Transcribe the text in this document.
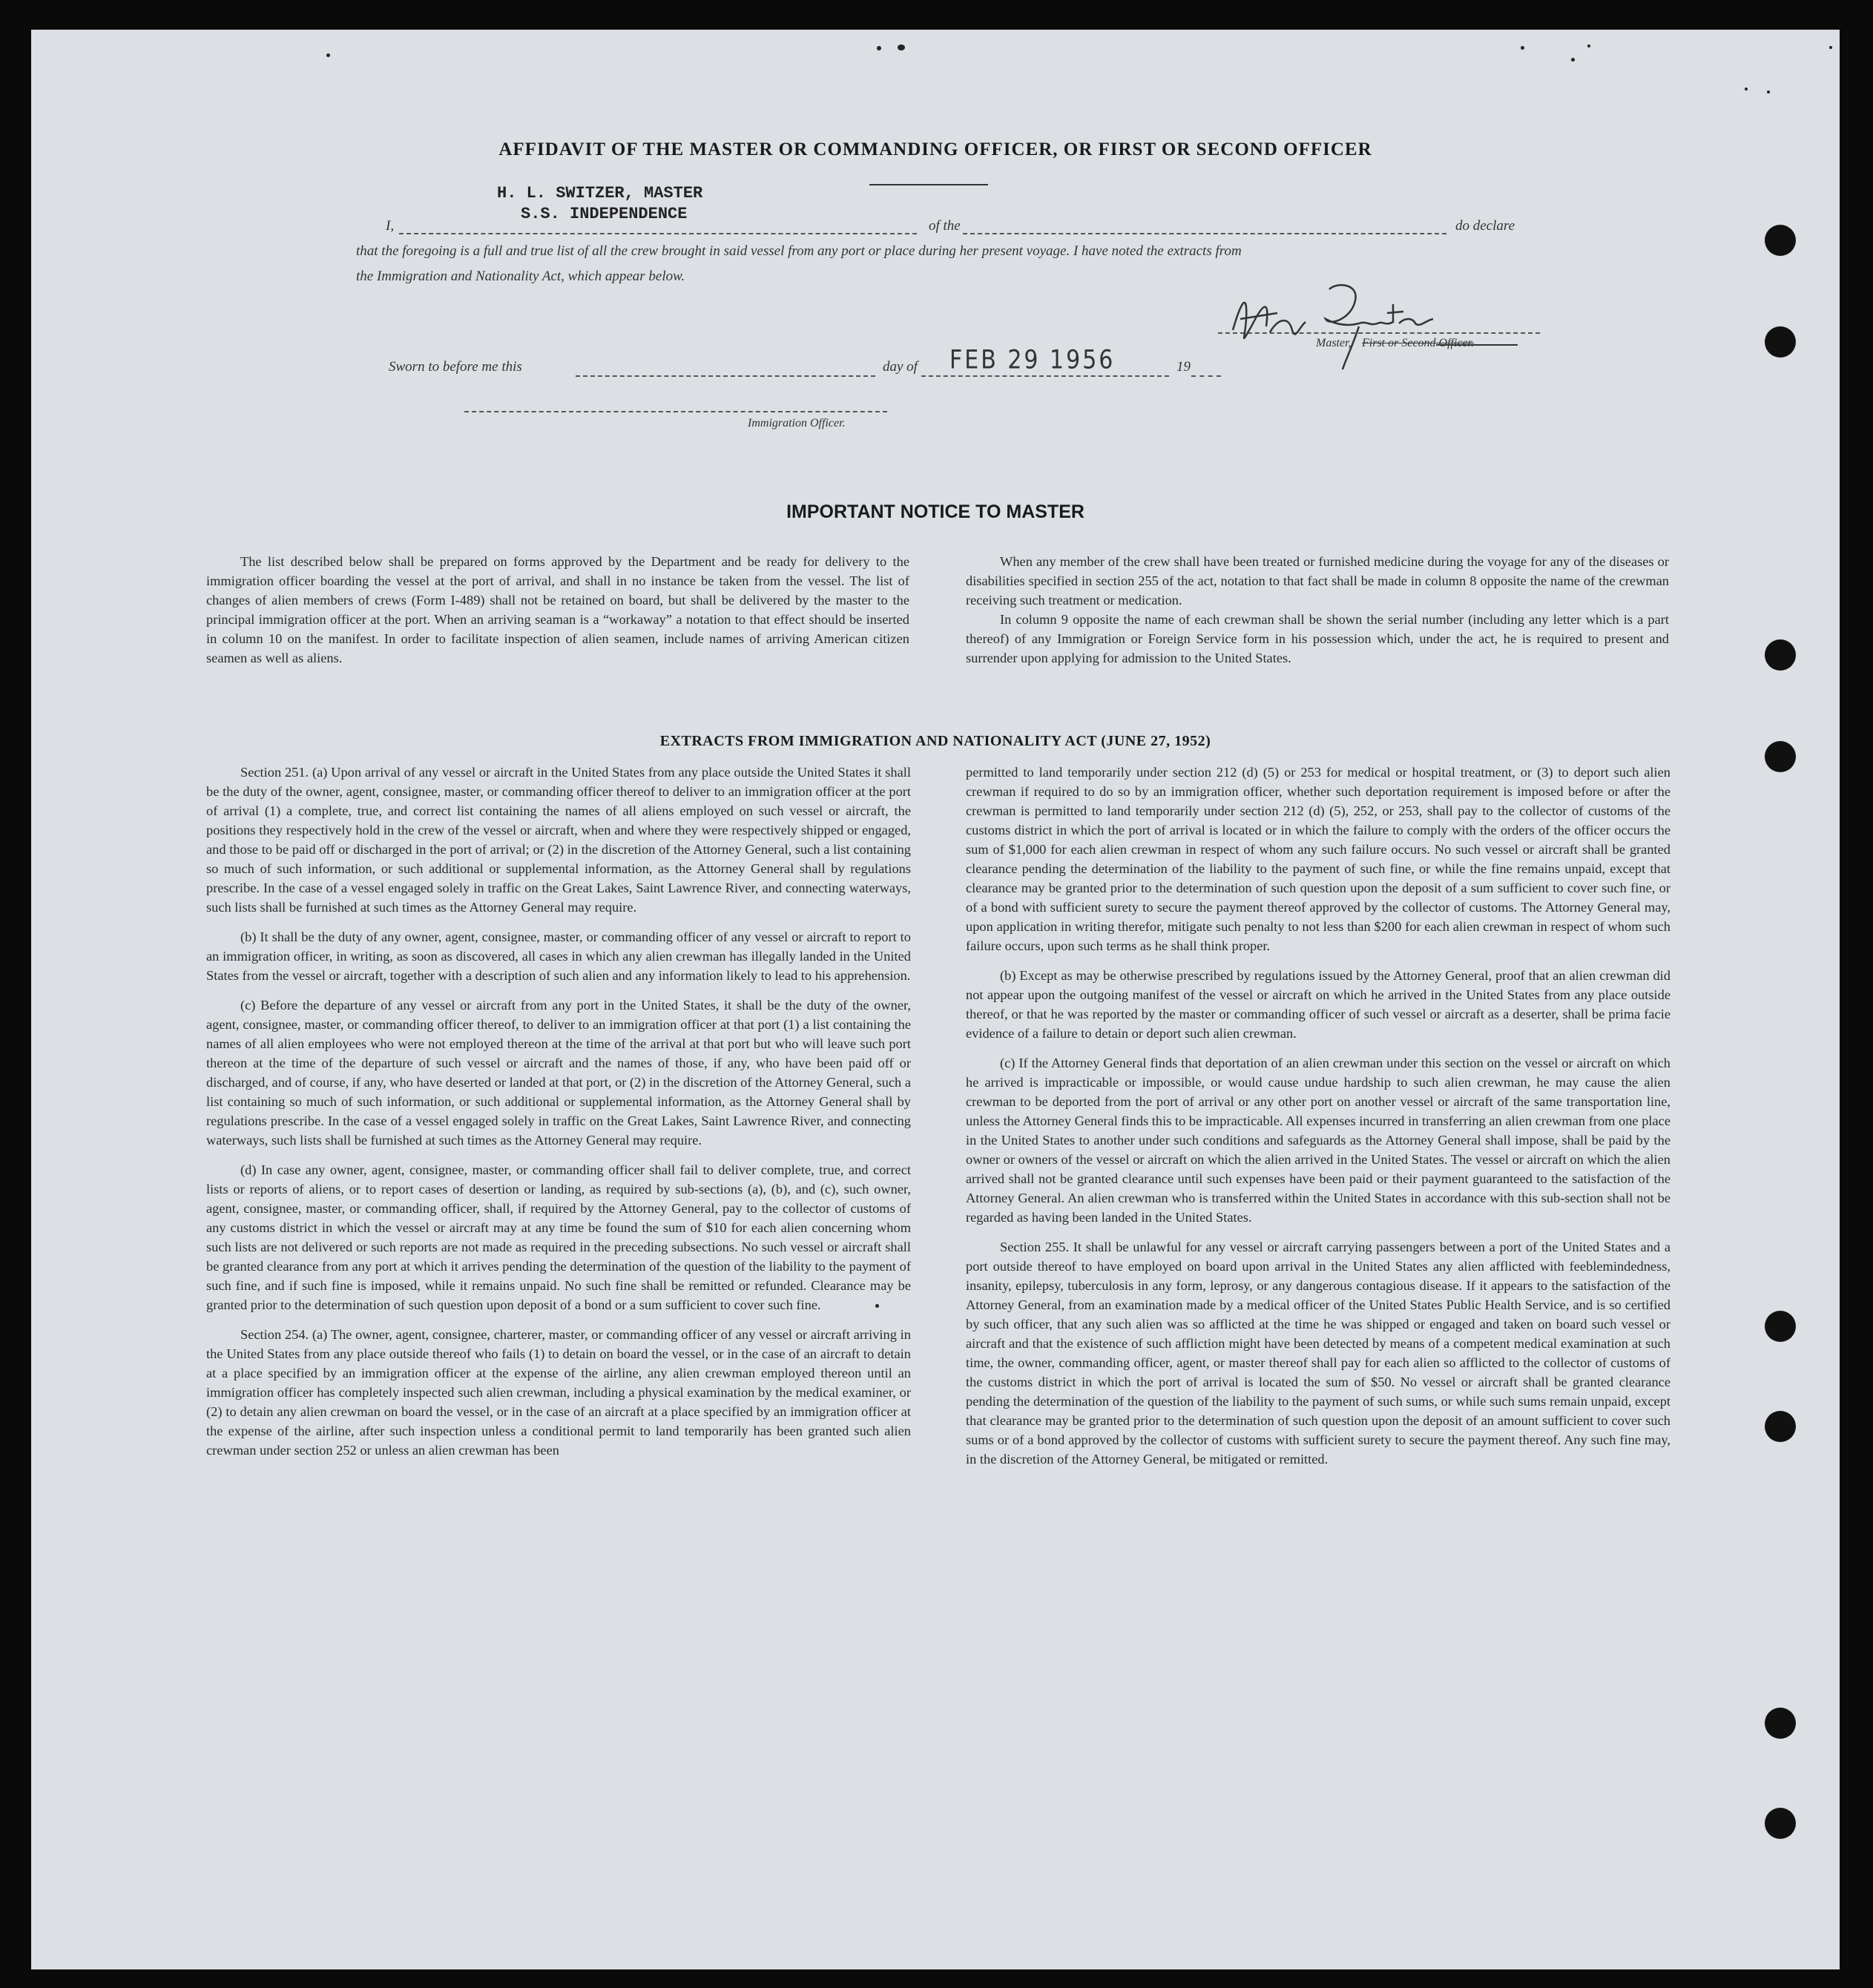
AFFIDAVIT OF THE MASTER OR COMMANDING OFFICER, OR FIRST OR SECOND OFFICER
H. L. SWITZER, MASTER
S.S. INDEPENDENCE
I,	of the	do declare
that the foregoing is a full and true list of all the crew brought in said vessel from any port or place during her present voyage. I have noted the extracts from
the Immigration and Nationality Act, which appear below.
Master, First or Second Officer.
Sworn to before me this	day of FEB 29 1956	19
Immigration Officer.
IMPORTANT NOTICE TO MASTER

The list described below shall be prepared on forms approved by the Department and be ready for delivery to the immigration officer boarding the vessel at the port of arrival, and shall in no instance be taken from the vessel. The list of changes of alien members of crews (Form I-489) shall not be retained on board, but shall be delivered by the master to the principal immigration officer at the port. When an arriving seaman is a “workaway” a notation to that effect should be inserted in column 10 on the manifest. In order to facilitate inspection of alien seamen, include names of arriving American citizen seamen as well as aliens.

When any member of the crew shall have been treated or furnished medicine during the voyage for any of the diseases or disabilities specified in section 255 of the act, notation to that fact shall be made in column 8 opposite the name of the crewman receiving such treatment or medication.

In column 9 opposite the name of each crewman shall be shown the serial number (including any letter which is a part thereof) of any Immigration or Foreign Service form in his possession which, under the act, he is required to present and surrender upon applying for admission to the United States.

EXTRACTS FROM IMMIGRATION AND NATIONALITY ACT (JUNE 27, 1952)

Section 251. (a) Upon arrival of any vessel or aircraft in the United States from any place outside the United States it shall be the duty of the owner, agent, consignee, master, or commanding officer thereof to deliver to an immigration officer at the port of arrival (1) a complete, true, and correct list containing the names of all aliens employed on such vessel or aircraft, the positions they respectively hold in the crew of the vessel or aircraft, when and where they were respectively shipped or engaged, and those to be paid off or discharged in the port of arrival; or (2) in the discretion of the Attorney General, such a list containing so much of such information, or such additional or supplemental information, as the Attorney General shall by regulations prescribe. In the case of a vessel engaged solely in traffic on the Great Lakes, Saint Lawrence River, and connecting waterways, such lists shall be furnished at such times as the Attorney General may require.

(b) It shall be the duty of any owner, agent, consignee, master, or commanding officer of any vessel or aircraft to report to an immigration officer, in writing, as soon as discovered, all cases in which any alien crewman has illegally landed in the United States from the vessel or aircraft, together with a description of such alien and any information likely to lead to his apprehension.

(c) Before the departure of any vessel or aircraft from any port in the United States, it shall be the duty of the owner, agent, consignee, master, or commanding officer thereof, to deliver to an immigration officer at that port (1) a list containing the names of all alien employees who were not employed thereon at the time of the arrival at that port but who will leave such port thereon at the time of the departure of such vessel or aircraft and the names of those, if any, who have been paid off or discharged, and of course, if any, who have deserted or landed at that port, or (2) in the discretion of the Attorney General, such a list containing so much of such information, or such additional or supplemental information, as the Attorney General shall by regulations prescribe. In the case of a vessel engaged solely in traffic on the Great Lakes, Saint Lawrence River, and connecting waterways, such lists shall be furnished at such times as the Attorney General may require.

(d) In case any owner, agent, consignee, master, or commanding officer shall fail to deliver complete, true, and correct lists or reports of aliens, or to report cases of desertion or landing, as required by sub-sections (a), (b), and (c), such owner, agent, consignee, master, or commanding officer, shall, if required by the Attorney General, pay to the collector of customs of any customs district in which the vessel or aircraft may at any time be found the sum of $10 for each alien concerning whom such lists are not delivered or such reports are not made as required in the preceding subsections. No such vessel or aircraft shall be granted clearance from any port at which it arrives pending the determination of the question of the liability to the payment of such fine, and if such fine is imposed, while it remains unpaid. No such fine shall be remitted or refunded. Clearance may be granted prior to the determination of such question upon deposit of a bond or a sum sufficient to cover such fine.

Section 254. (a) The owner, agent, consignee, charterer, master, or commanding officer of any vessel or aircraft arriving in the United States from any place outside thereof who fails (1) to detain on board the vessel, or in the case of an aircraft to detain at a place specified by an immigration officer at the expense of the airline, any alien crewman employed thereon until an immigration officer has completely inspected such alien crewman, including a physical examination by the medical examiner, or (2) to detain any alien crewman on board the vessel, or in the case of an aircraft at a place specified by an immigration officer at the expense of the airline, after such inspection unless a conditional permit to land temporarily has been granted such alien crewman under section 252 or unless an alien crewman has been

permitted to land temporarily under section 212 (d) (5) or 253 for medical or hospital treatment, or (3) to deport such alien crewman if required to do so by an immigration officer, whether such deportation requirement is imposed before or after the crewman is permitted to land temporarily under section 212 (d) (5), 252, or 253, shall pay to the collector of customs of the customs district in which the port of arrival is located or in which the failure to comply with the orders of the officer occurs the sum of $1,000 for each alien crewman in respect of whom any such failure occurs. No such vessel or aircraft shall be granted clearance pending the determination of the liability to the payment of such fine, or while the fine remains unpaid, except that clearance may be granted prior to the determination of such question upon the deposit of a sum sufficient to cover such fine, or of a bond with sufficient surety to secure the payment thereof approved by the collector of customs. The Attorney General may, upon application in writing therefor, mitigate such penalty to not less than $200 for each alien crewman in respect of whom such failure occurs, upon such terms as he shall think proper.

(b) Except as may be otherwise prescribed by regulations issued by the Attorney General, proof that an alien crewman did not appear upon the outgoing manifest of the vessel or aircraft on which he arrived in the United States from any place outside thereof, or that he was reported by the master or commanding officer of such vessel or aircraft as a deserter, shall be prima facie evidence of a failure to detain or deport such alien crewman.

(c) If the Attorney General finds that deportation of an alien crewman under this section on the vessel or aircraft on which he arrived is impracticable or impossible, or would cause undue hardship to such alien crewman, he may cause the alien crewman to be deported from the port of arrival or any other port on another vessel or aircraft of the same transportation line, unless the Attorney General finds this to be impracticable. All expenses incurred in transferring an alien crewman from one place in the United States to another under such conditions and safeguards as the Attorney General shall impose, shall be paid by the owner or owners of the vessel or aircraft on which the alien arrived in the United States. The vessel or aircraft on which the alien arrived shall not be granted clearance until such expenses have been paid or their payment guaranteed to the satisfaction of the Attorney General. An alien crewman who is transferred within the United States in accordance with this sub-section shall not be regarded as having been landed in the United States.

Section 255. It shall be unlawful for any vessel or aircraft carrying passengers between a port of the United States and a port outside thereof to have employed on board upon arrival in the United States any alien afflicted with feeblemindedness, insanity, epilepsy, tuberculosis in any form, leprosy, or any dangerous contagious disease. If it appears to the satisfaction of the Attorney General, from an examination made by a medical officer of the United States Public Health Service, and is so certified by such officer, that any such alien was so afflicted at the time he was shipped or engaged and taken on board such vessel or aircraft and that the existence of such affliction might have been detected by means of a competent medical examination at such time, the owner, commanding officer, agent, or master thereof shall pay for each alien so afflicted to the collector of customs of the customs district in which the port of arrival is located the sum of $50. No vessel or aircraft shall be granted clearance pending the determination of the question of the liability to the payment of such sums, or while such sums remain unpaid, except that clearance may be granted prior to the determination of such question upon the deposit of an amount sufficient to cover such sums or of a bond approved by the collector of customs with sufficient surety to secure the payment thereof. Any such fine may, in the discretion of the Attorney General, be mitigated or remitted.
